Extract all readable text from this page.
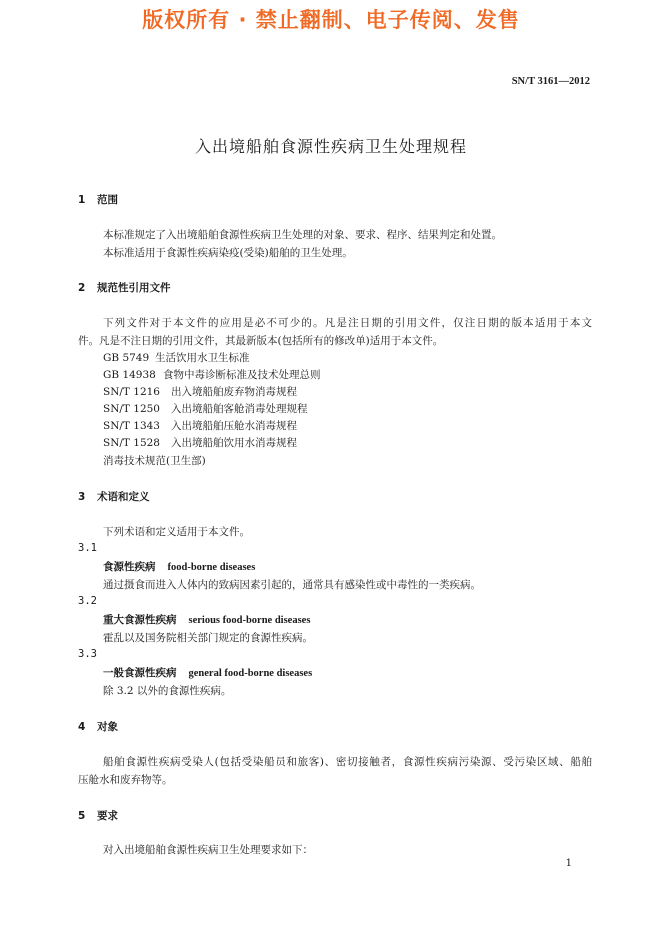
版权所有 · 禁止翻制、电子传阅、发售
SN/T 3161—2012
入出境船舶食源性疾病卫生处理规程
1 范围
本标准规定了入出境船舶食源性疾病卫生处理的对象、要求、程序、结果判定和处置。
本标准适用于食源性疾病染疫(受染)船舶的卫生处理。
2 规范性引用文件
下列文件对于本文件的应用是必不可少的。凡是注日期的引用文件，仅注日期的版本适用于本文
件。凡是不注日期的引用文件，其最新版本(包括所有的修改单)适用于本文件。
GB 5749 生活饮用水卫生标准
GB 14938 食物中毒诊断标准及技术处理总则
SN/T 1216 出入境船舶废弃物消毒规程
SN/T 1250 入出境船舶客舱消毒处理规程
SN/T 1343 入出境船舶压舱水消毒规程
SN/T 1528 入出境船舶饮用水消毒规程
消毒技术规范(卫生部)
3 术语和定义
下列术语和定义适用于本文件。
3.1
食源性疾病 food-borne diseases
通过摄食而进入人体内的致病因素引起的，通常具有感染性或中毒性的一类疾病。
3.2
重大食源性疾病 serious food-borne diseases
霍乱以及国务院相关部门规定的食源性疾病。
3.3
一般食源性疾病 general food-borne diseases
除 3.2 以外的食源性疾病。
4 对象
船舶食源性疾病受染人(包括受染船员和旅客)、密切接触者，食源性疾病污染源、受污染区域、船舶
压舱水和废弃物等。
5 要求
对入出境船舶食源性疾病卫生处理要求如下：
1
